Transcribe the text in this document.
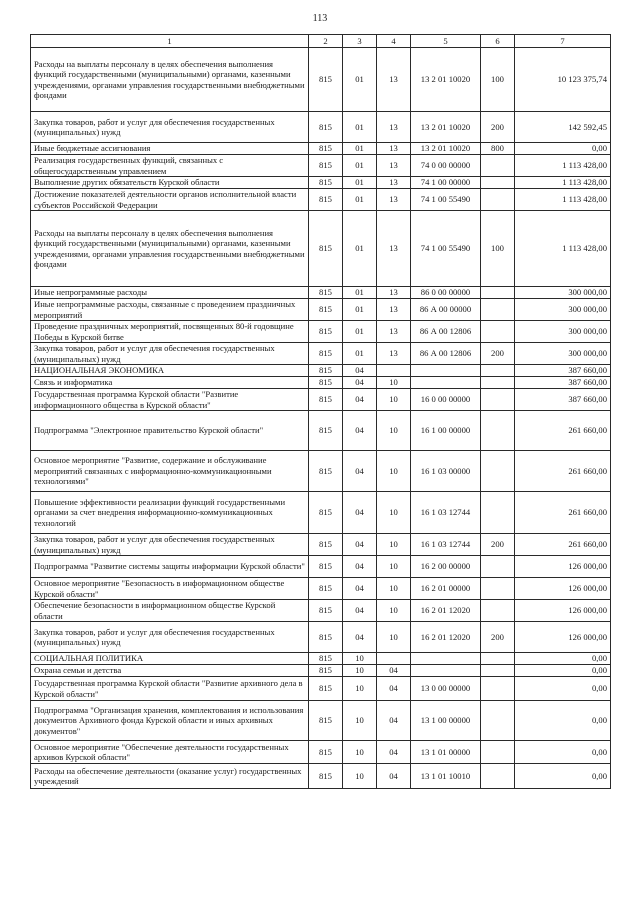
113
1	2	3	4	5	6	7
Расходы на выплаты персоналу в целях обеспечения выполнения функций государственными (муниципальными) органами, казенными учреждениями, органами управления государственными внебюджетными фондами	815	01	13	13 2 01 10020	100	10 123 375,74
Закупка товаров, работ и услуг для обеспечения государственных (муниципальных) нужд	815	01	13	13 2 01 10020	200	142 592,45
Иные бюджетные ассигнования	815	01	13	13 2 01 10020	800	0,00
Реализация государственных функций, связанных с общегосударственным управлением	815	01	13	74 0 00 00000		1 113 428,00
Выполнение других обязательств Курской области	815	01	13	74 1 00 00000		1 113 428,00
Достижение показателей деятельности органов исполнительной власти субъектов Российской Федерации	815	01	13	74 1 00 55490		1 113 428,00
Расходы на выплаты персоналу в целях обеспечения выполнения функций государственными (муниципальными) органами, казенными учреждениями, органами управления государственными внебюджетными фондами	815	01	13	74 1 00 55490	100	1 113 428,00
Иные непрограммные расходы	815	01	13	86 0 00 00000		300 000,00
Иные непрограммные расходы, связанные с проведением праздничных мероприятий	815	01	13	86 А 00 00000		300 000,00
Проведение праздничных мероприятий, посвященных 80-й годовщине Победы в Курской битве	815	01	13	86 А 00 12806		300 000,00
Закупка товаров, работ и услуг для обеспечения государственных (муниципальных) нужд	815	01	13	86 А 00 12806	200	300 000,00
НАЦИОНАЛЬНАЯ ЭКОНОМИКА	815	04				387 660,00
Связь и информатика	815	04	10			387 660,00
Государственная программа Курской области "Развитие информационного общества в Курской области"	815	04	10	16 0 00 00000		387 660,00
Подпрограмма "Электронное правительство Курской области"	815	04	10	16 1 00 00000		261 660,00
Основное мероприятие "Развитие, содержание и обслуживание мероприятий связанных с информационно-коммуникационными технологиями"	815	04	10	16 1 03 00000		261 660,00
Повышение эффективности реализации функций государственными органами за счет внедрения информационно-коммуникационных технологий	815	04	10	16 1 03 12744		261 660,00
Закупка товаров, работ и услуг для обеспечения государственных (муниципальных) нужд	815	04	10	16 1 03 12744	200	261 660,00
Подпрограмма "Развитие системы защиты информации Курской области"	815	04	10	16 2 00 00000		126 000,00
Основное мероприятие "Безопасность в информационном обществе Курской области"	815	04	10	16 2 01 00000		126 000,00
Обеспечение безопасности в информационном обществе Курской области	815	04	10	16 2 01 12020		126 000,00
Закупка товаров, работ и услуг для обеспечения государственных (муниципальных) нужд	815	04	10	16 2 01 12020	200	126 000,00
СОЦИАЛЬНАЯ ПОЛИТИКА	815	10				0,00
Охрана семьи и детства	815	10	04			0,00
Государственная программа Курской области "Развитие архивного дела в Курской области"	815	10	04	13 0 00 00000		0,00
Подпрограмма "Организация хранения, комплектования и использования документов Архивного фонда Курской области и иных архивных документов"	815	10	04	13 1 00 00000		0,00
Основное мероприятие "Обеспечение деятельности государственных архивов Курской области"	815	10	04	13 1 01 00000		0,00
Расходы на обеспечение деятельности (оказание услуг) государственных учреждений	815	10	04	13 1 01 10010		0,00
